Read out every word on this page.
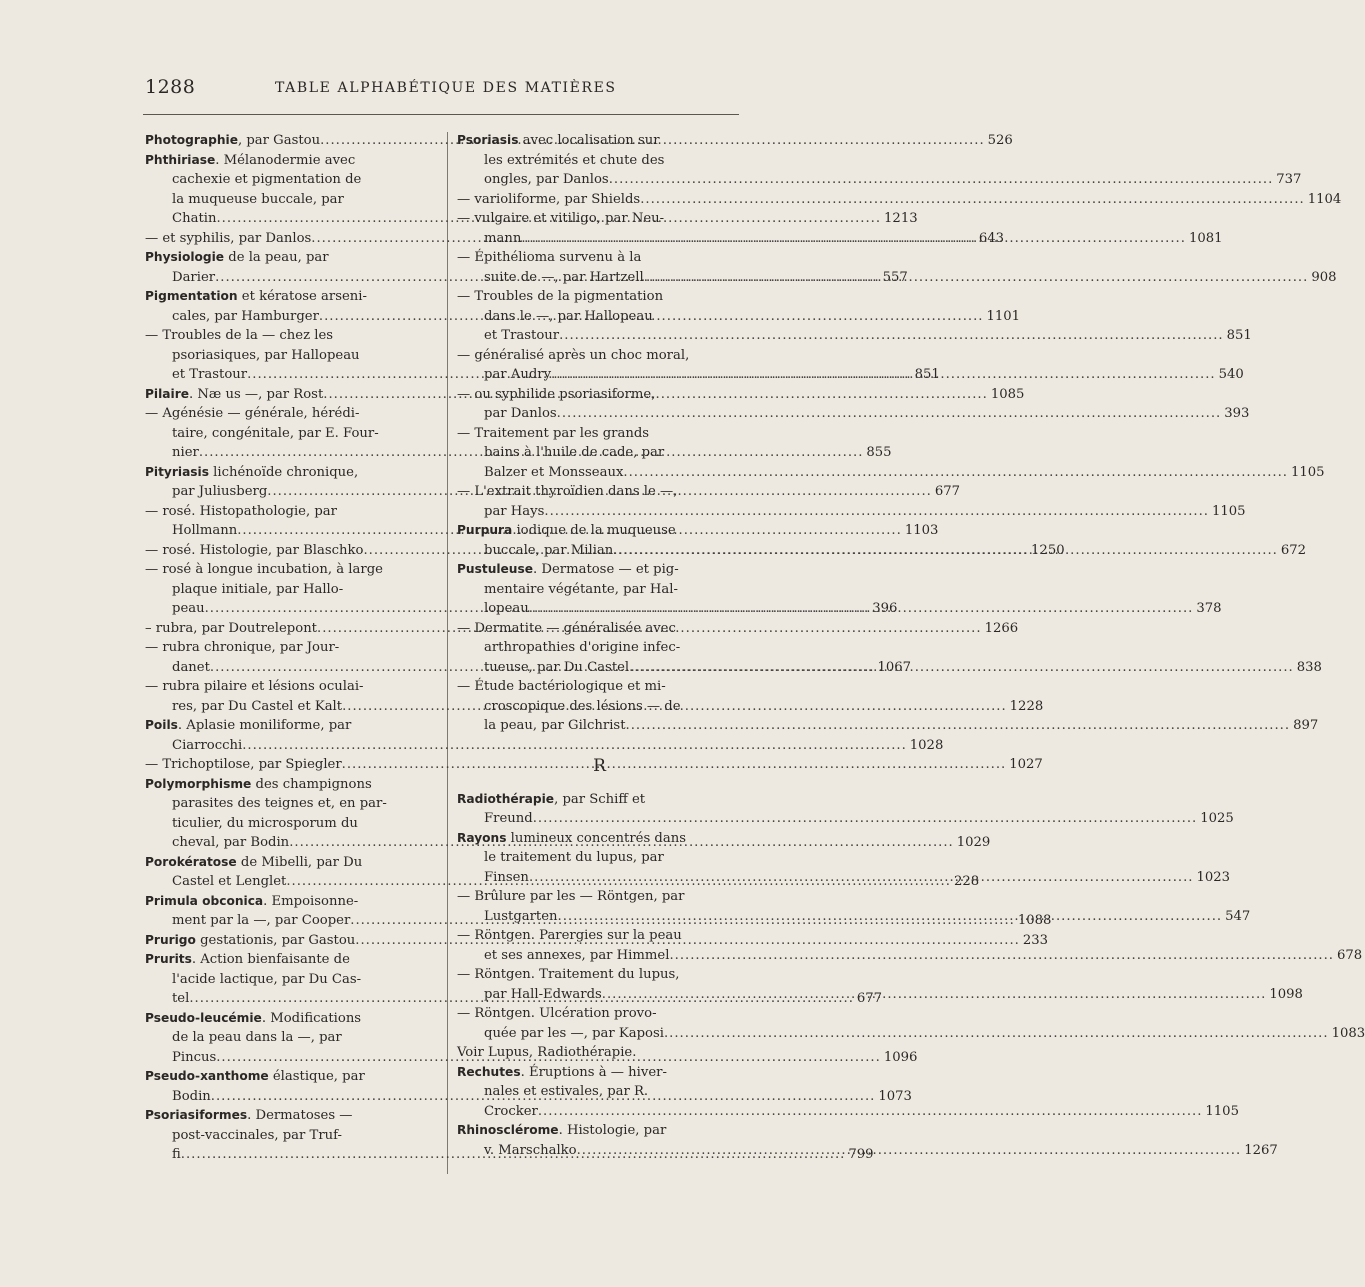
1288	TABLE ALPHABÉTIQUE DES MATIÈRES
Photographie, par Gastou .....	526
Phthiriase. Mélanodermie avec
cachexie et pigmentation de
la muqueuse buccale, par
Chatin .....	1213
— et syphilis, par Danlos .....	643
Physiologie de la peau, par
Darier .....	557
Pigmentation et kératose arseni-
cales, par Hamburger .....	1101
— Troubles de la — chez les
psoriasiques, par Hallopeau
et Trastour .....	851
Pilaire. Næ us —, par Rost .....	1085
— Agénésie — générale, hérédi-
taire, congénitale, par E. Four-
nier .....	855
Pityriasis lichénoïde chronique,
par Juliusberg .....	677
— rosé. Histopathologie, par
Hollmann .....	1103
— rosé. Histologie, par Blaschko .....	1250
— rosé à longue incubation, à large
plaque initiale, par Hallo-
peau .....	396
– rubra, par Doutrelepont .....	1266
— rubra chronique, par Jour-
danet .....	1067
— rubra pilaire et lésions oculai-
res, par Du Castel et Kalt .....	1228
Poils. Aplasie moniliforme, par
Ciarrocchi .....	1028
— Trichoptilose, par Spiegler .....	1027
Polymorphisme des champignons
parasites des teignes et, en par-
ticulier, du microsporum du
cheval, par Bodin .....	1029
Porokératose de Mibelli, par Du
Castel et Lenglet .....	228
Primula obconica. Empoisonne-
ment par la —, par Cooper .....	1088
Prurigo gestationis, par Gastou .....	233
Prurits. Action bienfaisante de
l'acide lactique, par Du Cas-
tel .....	677
Pseudo-leucémie. Modifications
de la peau dans la —, par
Pincus .....	1096
Pseudo-xanthome élastique, par
Bodin .....	1073
Psoriasiformes. Dermatoses —
post-vaccinales, par Truf-
fi .....	799
Psoriasis avec localisation sur
les extrémités et chute des
ongles, par Danlos .....	737
— varioliforme, par Shields .....	1104
— vulgaire et vitiligo, par Neu-
mann .....	1081
— Épithélioma survenu à la
suite de —, par Hartzell .....	908
— Troubles de la pigmentation
dans le —, par Hallopeau
et Trastour .....	851
— généralisé après un choc moral,
par Audry .....	540
— ou syphilide psoriasiforme,
par Danlos .....	393
— Traitement par les grands
bains à l'huile de cade, par
Balzer et Monsseaux .....	1105
— L'extrait thyroïdien dans le —,
par Hays .....	1105
Purpura iodique de la muqueuse
buccale, par Milian .....	672
Pustuleuse. Dermatose — et pig-
mentaire végétante, par Hal-
lopeau .....	378
— Dermatite — généralisée avec
arthropathies d'origine infec-
tueuse, par Du Castel .....	838
— Étude bactériologique et mi-
croscopique des lésions — de
la peau, par Gilchrist .....	897
R
Radiothérapie, par Schiff et
Freund .....	1025
Rayons lumineux concentrés dans
le traitement du lupus, par
Finsen .....	1023
— Brûlure par les — Röntgen, par
Lustgarten .....	547
— Röntgen. Parergies sur la peau
et ses annexes, par Himmel .....	678
— Röntgen. Traitement du lupus,
par Hall-Edwards .....	1098
— Röntgen. Ulcération provo-
quée par les —, par Kaposi .....	1083
Voir Lupus, Radiothérapie.
Rechutes. Éruptions à — hiver-
nales et estivales, par R.
Crocker .....	1105
Rhinosclérome. Histologie, par
v. Marschalko .....	1267
